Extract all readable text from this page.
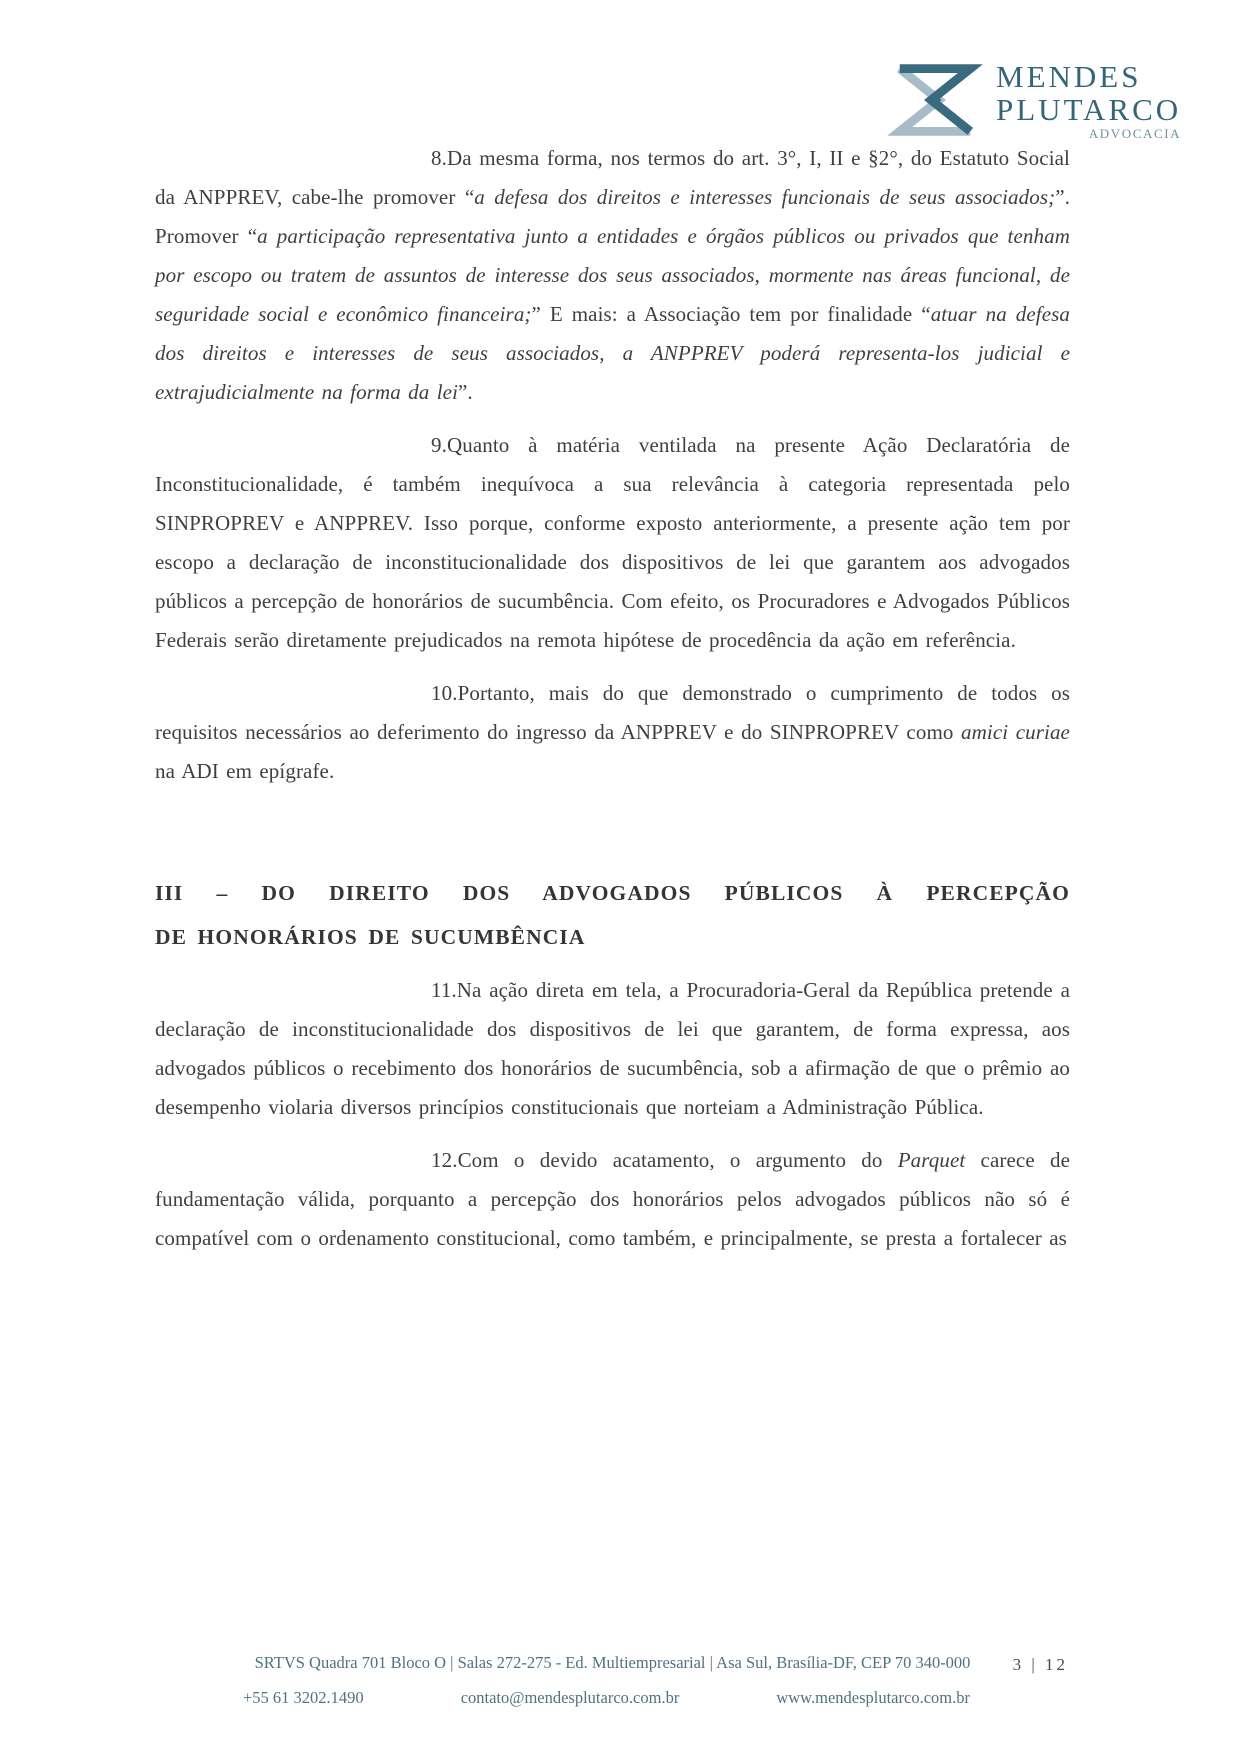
MENDES
PLUTARCO
ADVOCACIA

8.Da mesma forma, nos termos do art. 3°, I, II e §2°, do Estatuto Social da ANPPREV, cabe-lhe promover “a defesa dos direitos e interesses funcionais de seus associados;”. Promover “a participação representativa junto a entidades e órgãos públicos ou privados que tenham por escopo ou tratem de assuntos de interesse dos seus associados, mormente nas áreas funcional, de seguridade social e econômico financeira;” E mais: a Associação tem por finalidade “atuar na defesa dos direitos e interesses de seus associados, a ANPPREV poderá representa-los judicial e extrajudicialmente na forma da lei”.

9.Quanto à matéria ventilada na presente Ação Declaratória de Inconstitucionalidade, é também inequívoca a sua relevância à categoria representada pelo SINPROPREV e ANPPREV. Isso porque, conforme exposto anteriormente, a presente ação tem por escopo a declaração de inconstitucionalidade dos dispositivos de lei que garantem aos advogados públicos a percepção de honorários de sucumbência. Com efeito, os Procuradores e Advogados Públicos Federais serão diretamente prejudicados na remota hipótese de procedência da ação em referência.

10.Portanto, mais do que demonstrado o cumprimento de todos os requisitos necessários ao deferimento do ingresso da ANPPREV e do SINPROPREV como amici curiae na ADI em epígrafe.

III – DO DIREITO DOS ADVOGADOS PÚBLICOS À PERCEPÇÃO
DE HONORÁRIOS DE SUCUMBÊNCIA

11.Na ação direta em tela, a Procuradoria-Geral da República pretende a declaração de inconstitucionalidade dos dispositivos de lei que garantem, de forma expressa, aos advogados públicos o recebimento dos honorários de sucumbência, sob a afirmação de que o prêmio ao desempenho violaria diversos princípios constitucionais que norteiam a Administração Pública.

12.Com o devido acatamento, o argumento do Parquet carece de fundamentação válida, porquanto a percepção dos honorários pelos advogados públicos não só é compatível com o ordenamento constitucional, como também, e principalmente, se presta a fortalecer as

SRTVS Quadra 701 Bloco O | Salas 272-275 - Ed. Multiempresarial | Asa Sul, Brasília-DF, CEP 70 340-000
+55 61 3202.1490	contato@mendesplutarco.com.br	www.mendesplutarco.com.br
3 | 12
